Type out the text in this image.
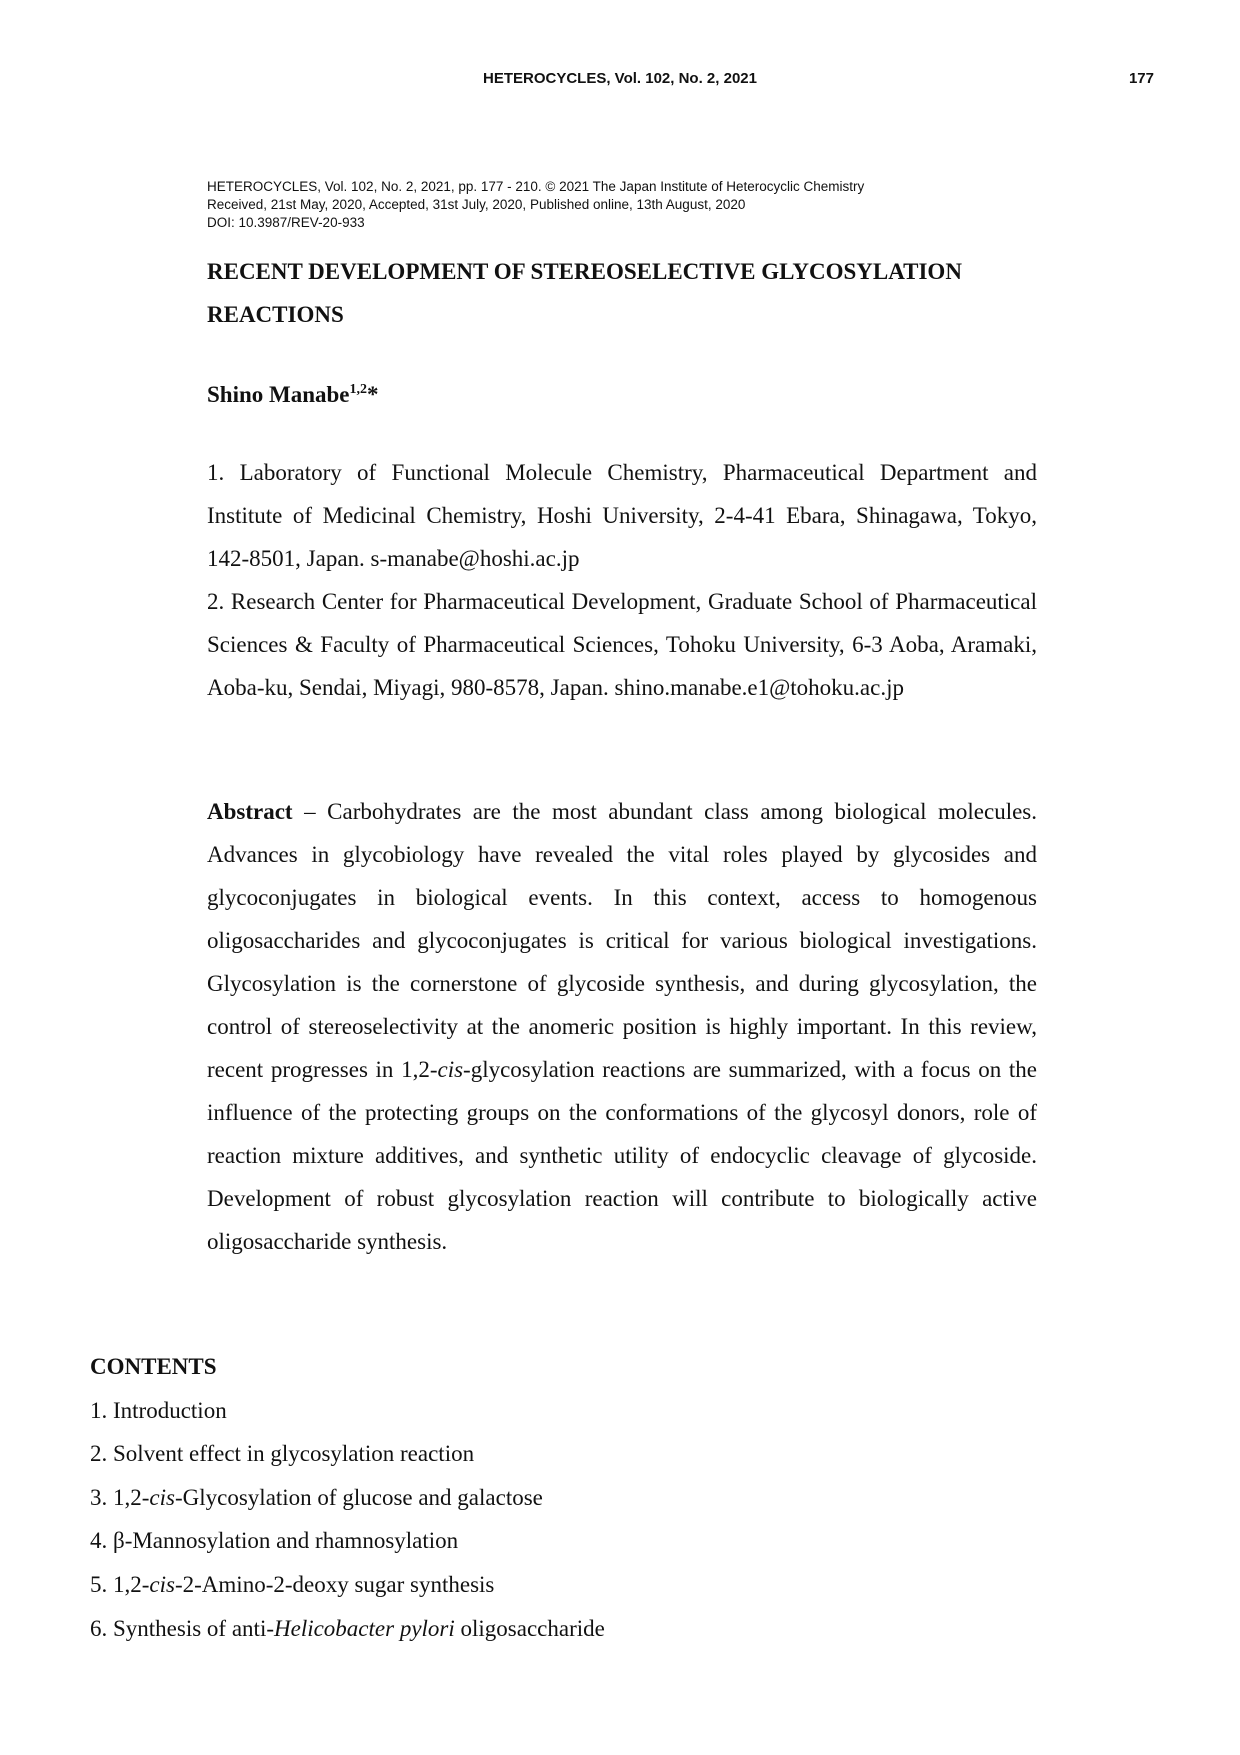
HETEROCYCLES, Vol. 102, No. 2, 2021	177
HETEROCYCLES, Vol. 102, No. 2, 2021, pp. 177 - 210. © 2021 The Japan Institute of Heterocyclic Chemistry
Received, 21st May, 2020, Accepted, 31st July, 2020, Published online, 13th August, 2020
DOI: 10.3987/REV-20-933
RECENT DEVELOPMENT OF STEREOSELECTIVE GLYCOSYLATION
REACTIONS
Shino Manabe$^{1,2}$*

1. Laboratory of Functional Molecule Chemistry, Pharmaceutical Department and Institute of Medicinal Chemistry, Hoshi University, 2-4-41 Ebara, Shinagawa, Tokyo, 142-8501, Japan. s-manabe@hoshi.ac.jp

2. Research Center for Pharmaceutical Development, Graduate School of Pharmaceutical Sciences & Faculty of Pharmaceutical Sciences, Tohoku University, 6-3 Aoba, Aramaki, Aoba-ku, Sendai, Miyagi, 980-8578, Japan. shino.manabe.e1@tohoku.ac.jp

Abstract – Carbohydrates are the most abundant class among biological molecules. Advances in glycobiology have revealed the vital roles played by glycosides and glycoconjugates in biological events. In this context, access to homogenous oligosaccharides and glycoconjugates is critical for various biological investigations. Glycosylation is the cornerstone of glycoside synthesis, and during glycosylation, the control of stereoselectivity at the anomeric position is highly important. In this review, recent progresses in 1,2-cis-glycosylation reactions are summarized, with a focus on the influence of the protecting groups on the conformations of the glycosyl donors, role of reaction mixture additives, and synthetic utility of endocyclic cleavage of glycoside. Development of robust glycosylation reaction will contribute to biologically active oligosaccharide synthesis.

CONTENTS
1. Introduction
2. Solvent effect in glycosylation reaction
3. 1,2-cis-Glycosylation of glucose and galactose
4. β-Mannosylation and rhamnosylation
5. 1,2-cis-2-Amino-2-deoxy sugar synthesis
6. Synthesis of anti-Helicobacter pylori oligosaccharide
